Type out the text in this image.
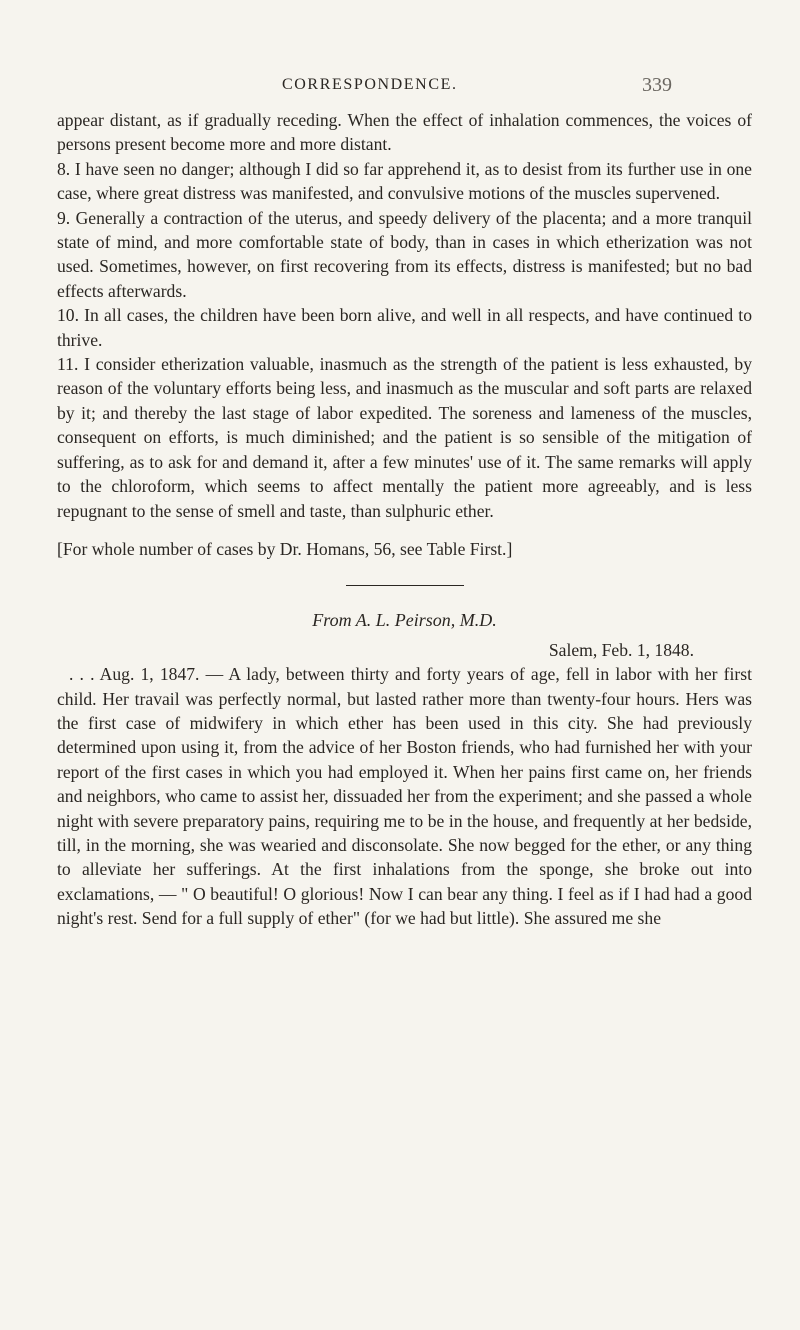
CORRESPONDENCE.	339

appear distant, as if gradually receding. When the effect of inhalation commences, the voices of persons present become more and more distant.

8. I have seen no danger; although I did so far apprehend it, as to desist from its further use in one case, where great distress was manifested, and convulsive motions of the muscles supervened.

9. Generally a contraction of the uterus, and speedy delivery of the placenta; and a more tranquil state of mind, and more comfortable state of body, than in cases in which etherization was not used. Sometimes, however, on first recovering from its effects, distress is manifested; but no bad effects afterwards.

10. In all cases, the children have been born alive, and well in all respects, and have continued to thrive.

11. I consider etherization valuable, inasmuch as the strength of the patient is less exhausted, by reason of the voluntary efforts being less, and inasmuch as the muscular and soft parts are relaxed by it; and thereby the last stage of labor expedited. The soreness and lameness of the muscles, consequent on efforts, is much diminished; and the patient is so sensible of the mitigation of suffering, as to ask for and demand it, after a few minutes' use of it. The same remarks will apply to the chloroform, which seems to affect mentally the patient more agreeably, and is less repugnant to the sense of smell and taste, than sulphuric ether.

[For whole number of cases by Dr. Homans, 56, see Table First.]

From A. L. Peirson, M.D.

Salem, Feb. 1, 1848.

. . . Aug. 1, 1847. — A lady, between thirty and forty years of age, fell in labor with her first child. Her travail was perfectly normal, but lasted rather more than twenty-four hours. Hers was the first case of midwifery in which ether has been used in this city. She had previously determined upon using it, from the advice of her Boston friends, who had furnished her with your report of the first cases in which you had employed it. When her pains first came on, her friends and neighbors, who came to assist her, dissuaded her from the experiment; and she passed a whole night with severe preparatory pains, requiring me to be in the house, and frequently at her bedside, till, in the morning, she was wearied and disconsolate. She now begged for the ether, or any thing to alleviate her sufferings. At the first inhalations from the sponge, she broke out into exclamations, — " O beautiful! O glorious! Now I can bear any thing. I feel as if I had had a good night's rest. Send for a full supply of ether" (for we had but little). She assured me she
